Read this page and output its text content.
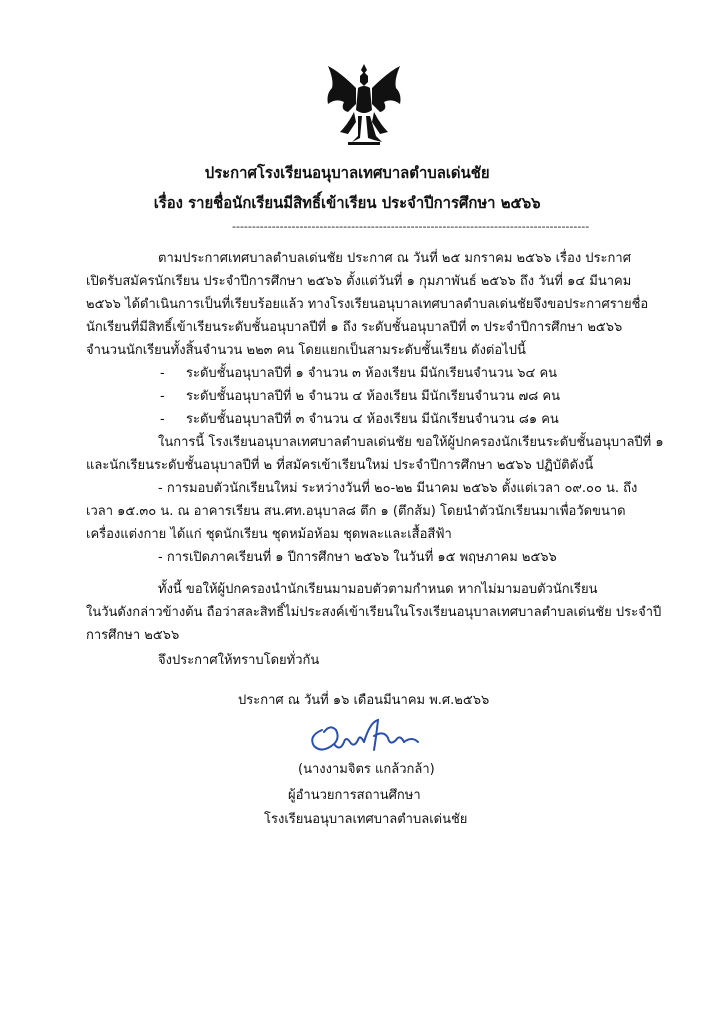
ประกาศโรงเรียนอนุบาลเทศบาลตำบลเด่นชัย
เรื่อง รายชื่อนักเรียนมีสิทธิ์เข้าเรียน ประจำปีการศึกษา ๒๕๖๖
------------------------------------------------------------------------------------------
ตามประกาศเทศบาลตำบลเด่นชัย ประกาศ ณ วันที่ ๒๕ มกราคม ๒๕๖๖ เรื่อง ประกาศ
เปิดรับสมัครนักเรียน ประจำปีการศึกษา ๒๕๖๖ ตั้งแต่วันที่ ๑ กุมภาพันธ์ ๒๕๖๖ ถึง วันที่ ๑๔ มีนาคม
๒๕๖๖ ได้ดำเนินการเป็นที่เรียบร้อยแล้ว ทางโรงเรียนอนุบาลเทศบาลตำบลเด่นชัยจึงขอประกาศรายชื่อ
นักเรียนที่มีสิทธิ์เข้าเรียนระดับชั้นอนุบาลปีที่ ๑ ถึง ระดับชั้นอนุบาลปีที่ ๓ ประจำปีการศึกษา ๒๕๖๖
จำนวนนักเรียนทั้งสิ้นจำนวน ๒๒๓ คน โดยแยกเป็นสามระดับชั้นเรียน ดังต่อไปนี้
- ระดับชั้นอนุบาลปีที่ ๑ จำนวน ๓ ห้องเรียน มีนักเรียนจำนวน ๖๔ คน
- ระดับชั้นอนุบาลปีที่ ๒ จำนวน ๔ ห้องเรียน มีนักเรียนจำนวน ๗๘ คน
- ระดับชั้นอนุบาลปีที่ ๓ จำนวน ๔ ห้องเรียน มีนักเรียนจำนวน ๘๑ คน
ในการนี้ โรงเรียนอนุบาลเทศบาลตำบลเด่นชัย ขอให้ผู้ปกครองนักเรียนระดับชั้นอนุบาลปีที่ ๑
และนักเรียนระดับชั้นอนุบาลปีที่ ๒ ที่สมัครเข้าเรียนใหม่ ประจำปีการศึกษา ๒๕๖๖ ปฏิบัติดังนี้
- การมอบตัวนักเรียนใหม่ ระหว่างวันที่ ๒๐-๒๒ มีนาคม ๒๕๖๖ ตั้งแต่เวลา ๐๙.๐๐ น. ถึง
เวลา ๑๕.๓๐ น. ณ อาคารเรียน สน.ศท.อนุบาล๘ ตึก ๑ (ตึกส้ม) โดยนำตัวนักเรียนมาเพื่อวัดขนาด
เครื่องแต่งกาย ได้แก่ ชุดนักเรียน ชุดหม้อห้อม ชุดพละและเสื้อสีฟ้า
- การเปิดภาคเรียนที่ ๑ ปีการศึกษา ๒๕๖๖ ในวันที่ ๑๕ พฤษภาคม ๒๕๖๖
ทั้งนี้ ขอให้ผู้ปกครองนำนักเรียนมามอบตัวตามกำหนด หากไม่มามอบตัวนักเรียน
ในวันดังกล่าวข้างต้น ถือว่าสละสิทธิ์ไม่ประสงค์เข้าเรียนในโรงเรียนอนุบาลเทศบาลตำบลเด่นชัย ประจำปี
การศึกษา ๒๕๖๖
จึงประกาศให้ทราบโดยทั่วกัน
ประกาศ ณ วันที่ ๑๖ เดือนมีนาคม พ.ศ.๒๕๖๖
(นางงามจิตร แกล้วกล้า)
ผู้อำนวยการสถานศึกษา
โรงเรียนอนุบาลเทศบาลตำบลเด่นชัย
